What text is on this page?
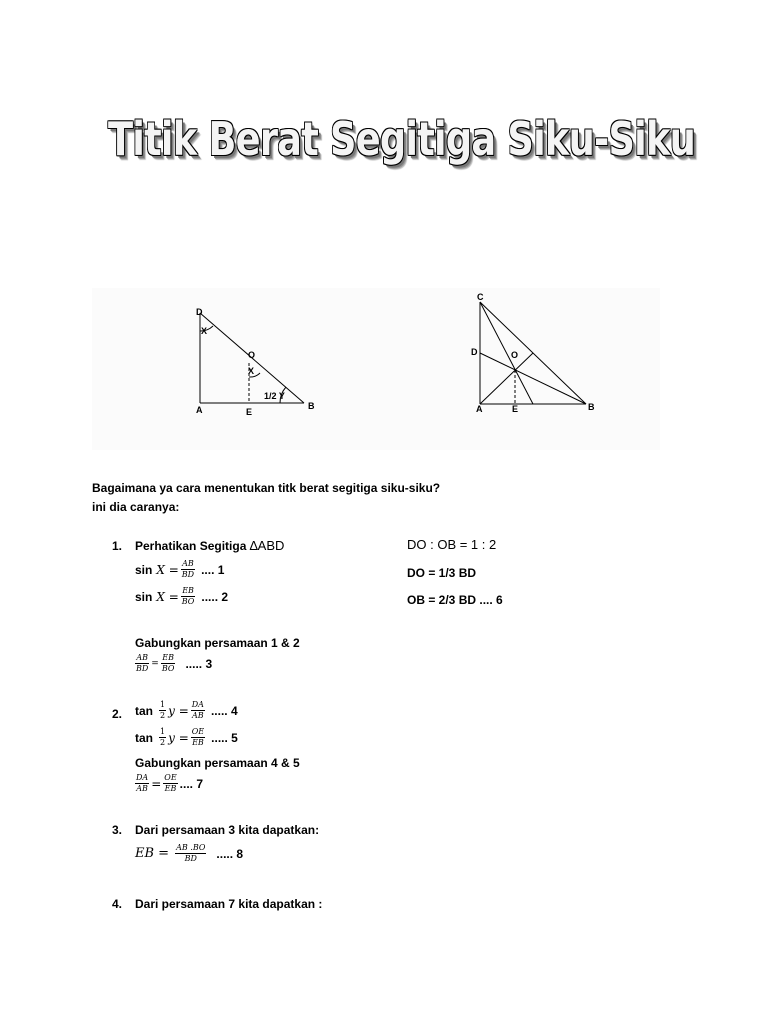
Titik Berat Segitiga Siku-Siku
D
A	E
B
O
X
X
1/2 Y
C
D	O
A	E	B
Bagaimana ya cara menentukan titk berat segitiga siku-siku?
ini dia caranya:
1. Perhatikan Segitiga ∆ABD	DO : OB = 1 : 2
$\sin X = \frac{AB}{BD}$ .... 1	DO = 1/3 BD
$\sin X = \frac{EB}{BO}$ ..... 2	OB = 2/3 BD .... 6
Gabungkan persamaan 1 & 2
$\frac{AB}{BD} = \frac{EB}{BO}$ ..... 3
2. $\tan \frac{1}{2}$ $y = \frac{DA}{AB}$ ..... 4
$\tan \frac{1}{2}$ $y = \frac{OE}{EB}$ ..... 5
Gabungkan persamaan 4 & 5
$\frac{DA}{AB} = \frac{OE}{EB}$ .... 7
3. Dari persamaan 3 kita dapatkan:
EB = $\frac{AB .BO}{BD}$ ..... 8
4. Dari persamaan 7 kita dapatkan :
